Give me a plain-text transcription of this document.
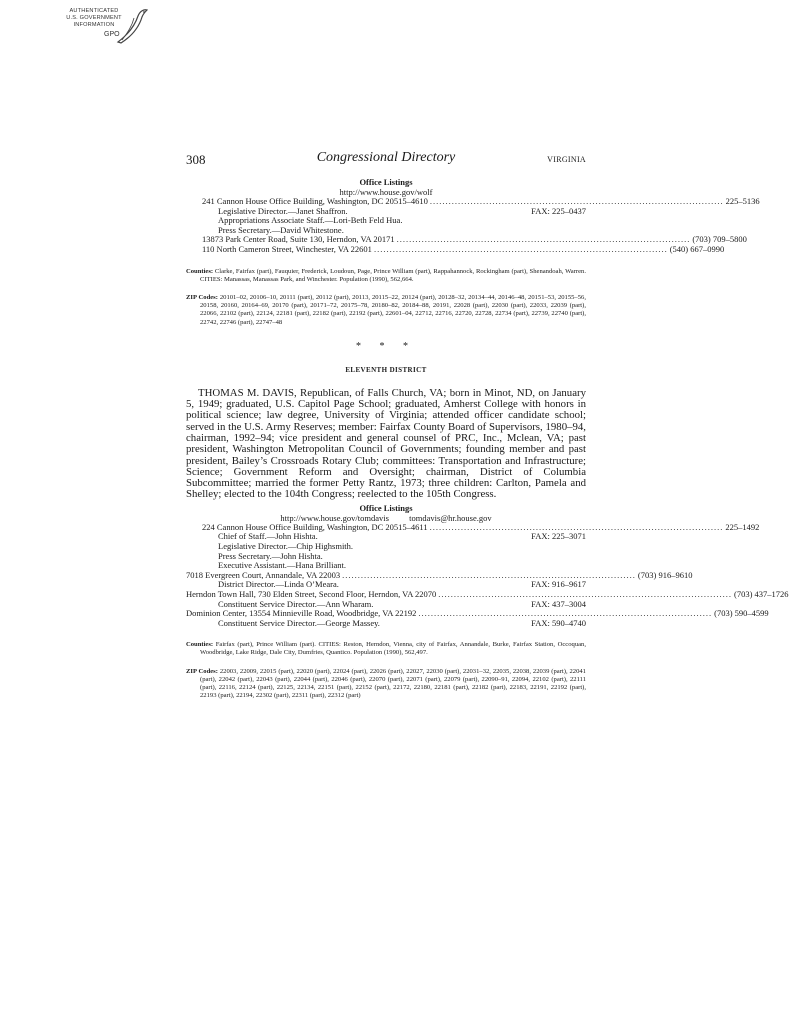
AUTHENTICATED
U.S. GOVERNMENT
INFORMATION
GPO
308	Congressional Directory	VIRGINIA
Office Listings
http://www.house.gov/wolf
241 Cannon House Office Building, Washington, DC 20515–4610 .............................................................................................. 225–5136
Legislative Director.—Janet Shaffron.	FAX: 225–0437
Appropriations Associate Staff.—Lori-Beth Feld Hua.
Press Secretary.—David Whitestone.
13873 Park Center Road, Suite 130, Herndon, VA 20171 .............................................................................................. (703) 709–5800
110 North Cameron Street, Winchester, VA 22601 .............................................................................................. (540) 667–0990
Counties: Clarke, Fairfax (part), Fauquier, Frederick, Loudoun, Page, Prince William (part), Rappahannock, Rockingham (part), Shenandoah, Warren. CITIES: Manassas, Manassas Park, and Winchester. Population (1990), 562,664.
ZIP Codes: 20101–02, 20106–10, 20111 (part), 20112 (part), 20113, 20115–22, 20124 (part), 20128–32, 20134–44, 20146–48, 20151–53, 20155–56, 20158, 20160, 20164–69, 20170 (part), 20171–72, 20175–78, 20180–82, 20184–88, 20191, 22028 (part), 22030 (part), 22033, 22039 (part), 22066, 22102 (part), 22124, 22181 (part), 22182 (part), 22192 (part), 22601–04, 22712, 22716, 22720, 22728, 22734 (part), 22739, 22740 (part), 22742, 22746 (part), 22747–48
* * *
ELEVENTH DISTRICT
THOMAS M. DAVIS, Republican, of Falls Church, VA; born in Minot, ND, on January 5, 1949; graduated, U.S. Capitol Page School; graduated, Amherst College with honors in political science; law degree, University of Virginia; attended officer candidate school; served in the U.S. Army Reserves; member: Fairfax County Board of Supervisors, 1980–94, chairman, 1992–94; vice president and general counsel of PRC, Inc., Mclean, VA; past president, Washington Metropolitan Council of Governments; founding member and past president, Bailey’s Crossroads Rotary Club; committees: Transportation and Infrastructure; Science; Government Reform and Oversight; chairman, District of Columbia Subcommittee; married the former Petty Rantz, 1973; three children: Carlton, Pamela and Shelley; elected to the 104th Congress; reelected to the 105th Congress.
Office Listings
http://www.house.gov/tomdavis tomdavis@hr.house.gov
224 Cannon House Office Building, Washington, DC 20515–4611 .............................................................................................. 225–1492
Chief of Staff.—John Hishta.	FAX: 225–3071
Legislative Director.—Chip Highsmith.
Press Secretary.—John Hishta.
Executive Assistant.—Hana Brilliant.
7018 Evergreen Court, Annandale, VA 22003 .............................................................................................. (703) 916–9610
District Director.—Linda O’Meara.	FAX: 916–9617
Herndon Town Hall, 730 Elden Street, Second Floor, Herndon, VA 22070 .............................................................................................. (703) 437–1726
Constituent Service Director.—Ann Wharam.	FAX: 437–3004
Dominion Center, 13554 Minnieville Road, Woodbridge, VA 22192 .............................................................................................. (703) 590–4599
Constituent Service Director.—George Massey.	FAX: 590–4740
Counties: Fairfax (part), Prince William (part). CITIES: Reston, Herndon, Vienna, city of Fairfax, Annandale, Burke, Fairfax Station, Occoquan, Woodbridge, Lake Ridge, Dale City, Dumfries, Quantico. Population (1990), 562,497.
ZIP Codes: 22003, 22009, 22015 (part), 22020 (part), 22024 (part), 22026 (part), 22027, 22030 (part), 22031–32, 22035, 22038, 22039 (part), 22041 (part), 22042 (part), 22043 (part), 22044 (part), 22046 (part), 22070 (part), 22071 (part), 22079 (part), 22090–91, 22094, 22102 (part), 22111 (part), 22116, 22124 (part), 22125, 22134, 22151 (part), 22152 (part), 22172, 22180, 22181 (part), 22182 (part), 22183, 22191, 22192 (part), 22193 (part), 22194, 22302 (part), 22311 (part), 22312 (part)
